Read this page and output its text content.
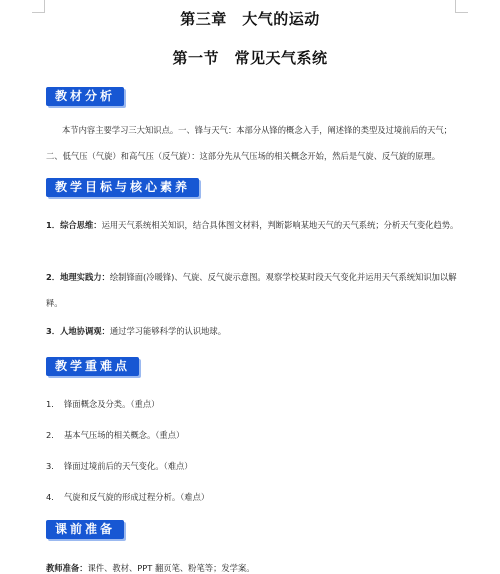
第三章　大气的运动
第一节　常见天气系统
教材分析
本节内容主要学习三大知识点。一、锋与天气：本部分从锋的概念入手，阐述锋的类型及过境前后的天气；二、低气压（气旋）和高气压（反气旋）：这部分先从气压场的相关概念开始，然后是气旋、反气旋的原理。
教学目标与核心素养
1．综合思维：运用天气系统相关知识，结合具体图文材料，判断影响某地天气的天气系统；分析天气变化趋势。
2．地理实践力：绘制锋面(冷暖锋)、气旋、反气旋示意图。观察学校某时段天气变化并运用天气系统知识加以解释。
3．人地协调观：通过学习能够科学的认识地球。
教学重难点
1. 锋面概念及分类。（重点）
2. 基本气压场的相关概念。（重点）
3. 锋面过境前后的天气变化。（难点）
4. 气旋和反气旋的形成过程分析。（难点）
课前准备
教师准备：课件、教材、PPT 翻页笔、粉笔等；发学案。
